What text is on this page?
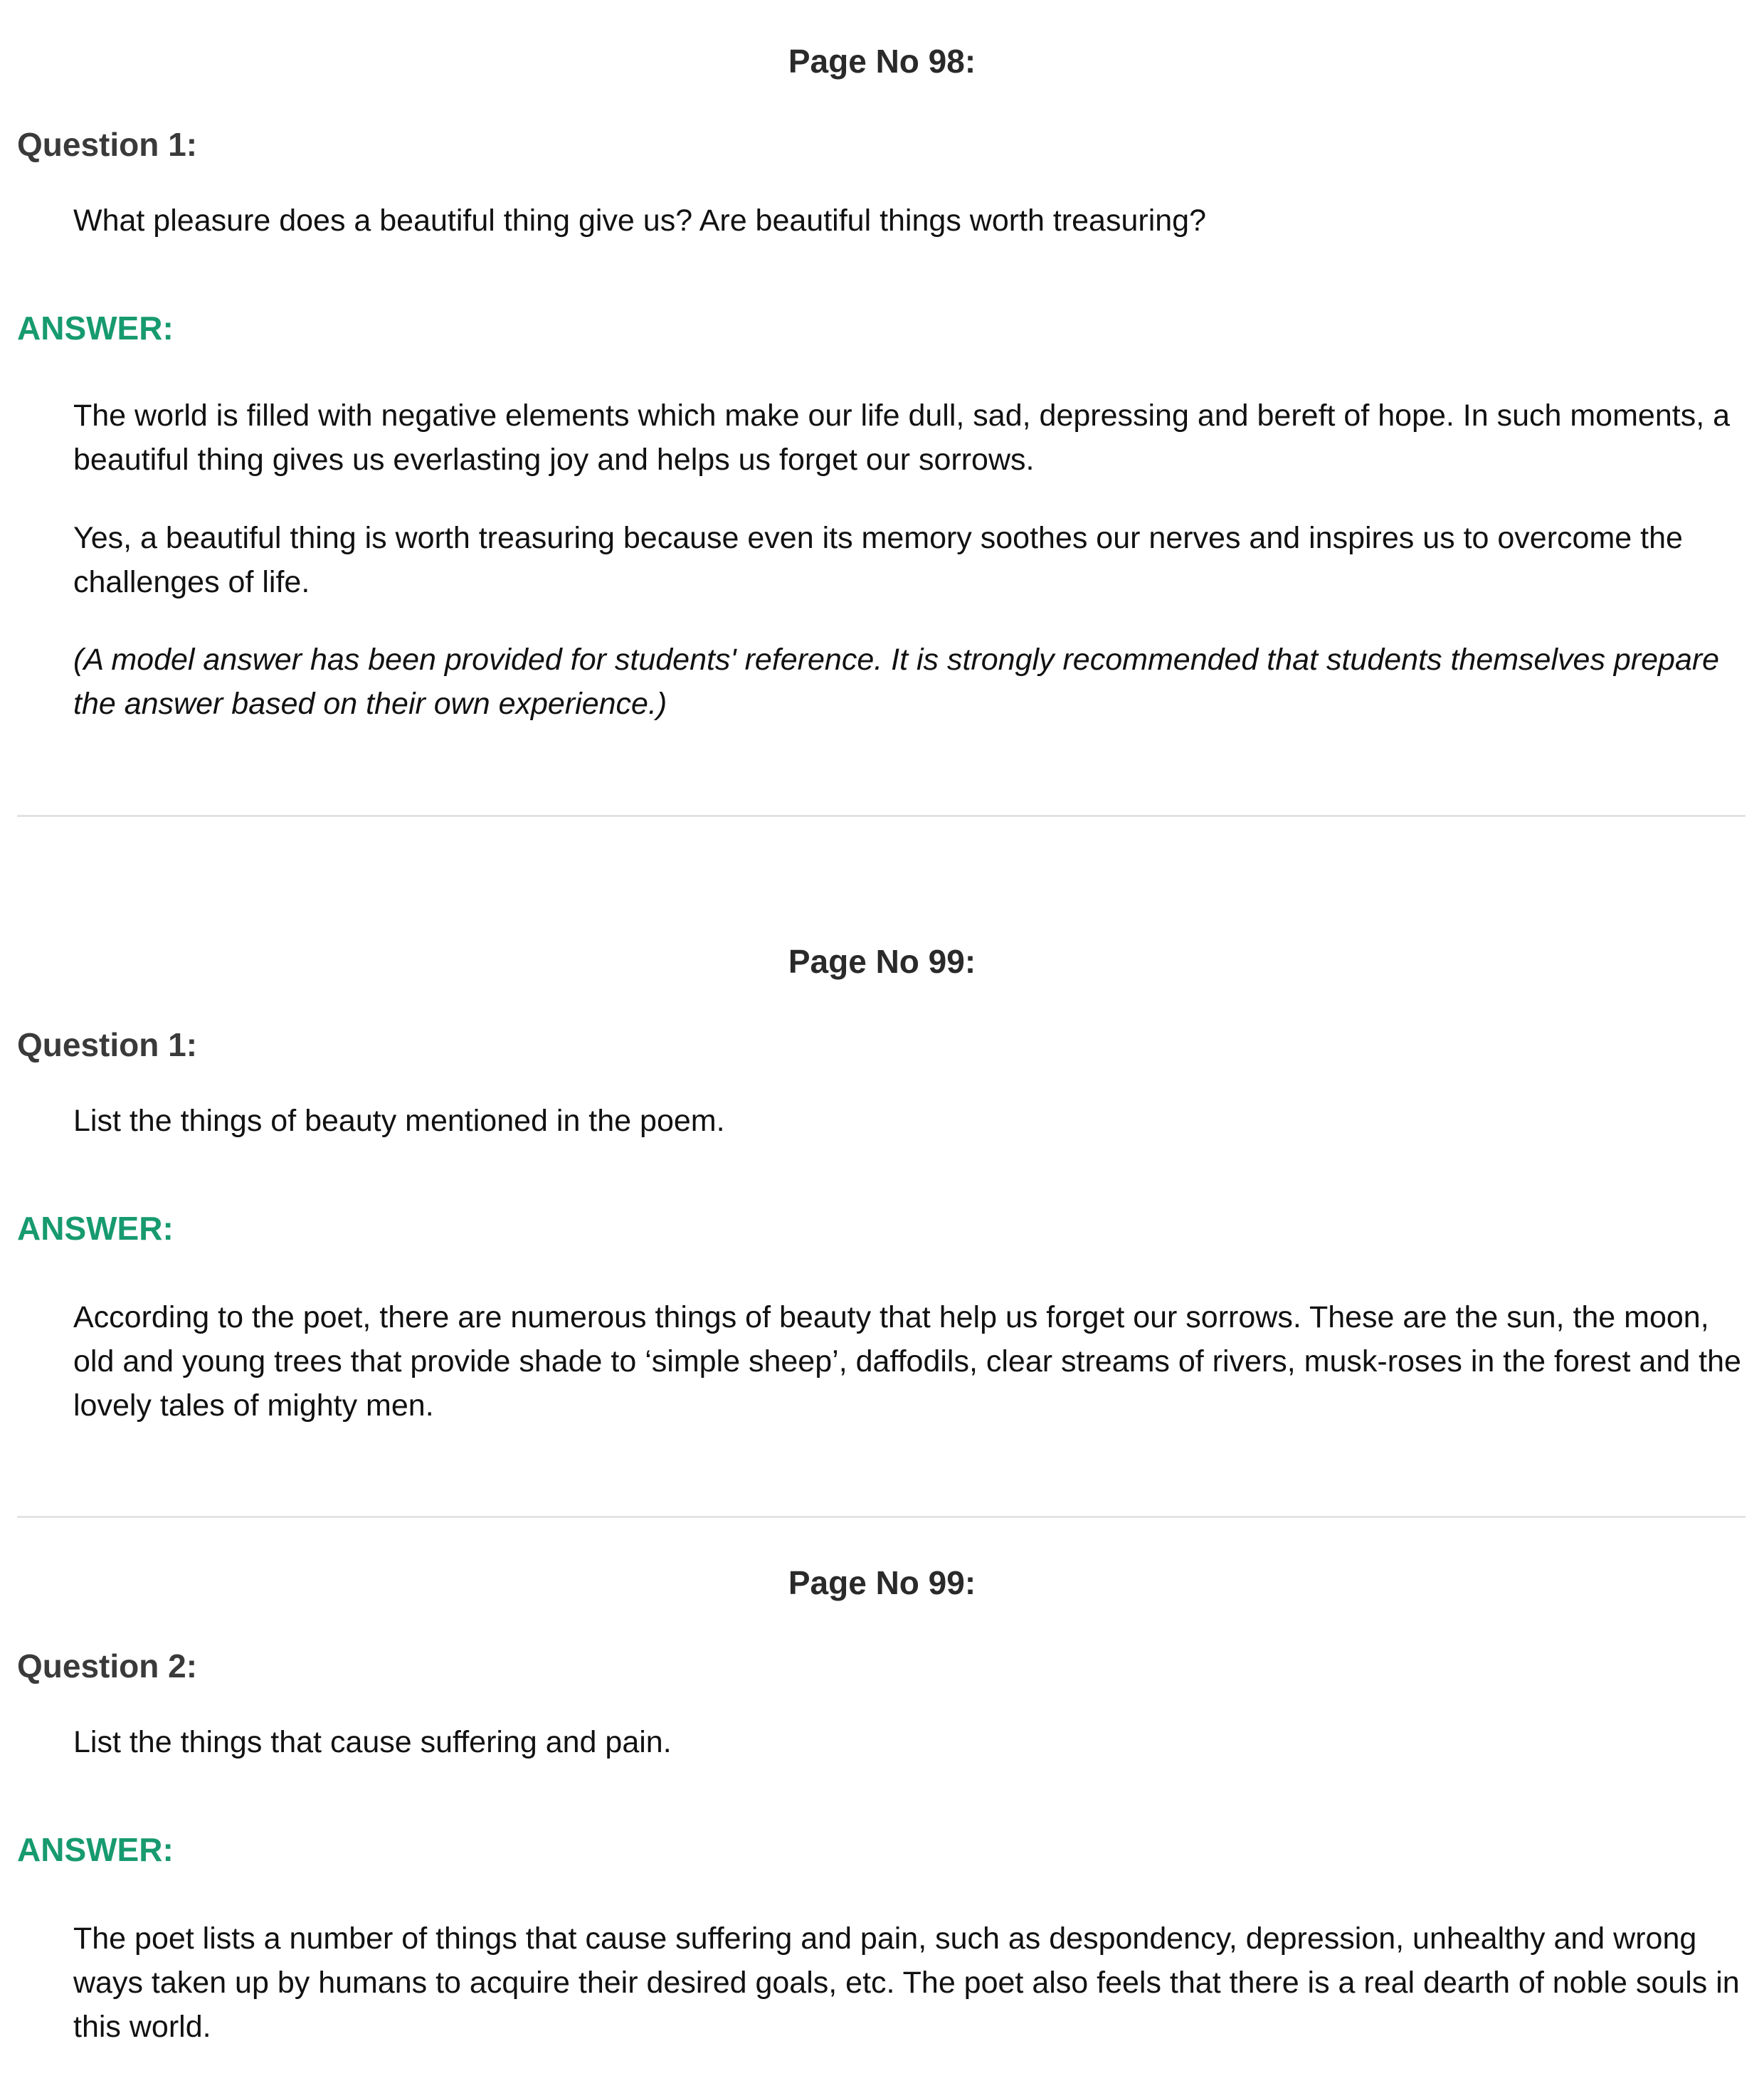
Page No 98:
Question 1:
What pleasure does a beautiful thing give us? Are beautiful things worth treasuring?
ANSWER:

The world is filled with negative elements which make our life dull, sad, depressing and bereft of hope. In such moments, a beautiful thing gives us everlasting joy and helps us forget our sorrows.

Yes, a beautiful thing is worth treasuring because even its memory soothes our nerves and inspires us to overcome the challenges of life.

(A model answer has been provided for students' reference. It is strongly recommended that students themselves prepare the answer based on their own experience.)

Page No 99:
Question 1:
List the things of beauty mentioned in the poem.
ANSWER:

According to the poet, there are numerous things of beauty that help us forget our sorrows. These are the sun, the moon, old and young trees that provide shade to ‘simple sheep’, daffodils, clear streams of rivers, musk-roses in the forest and the lovely tales of mighty men.

Page No 99:
Question 2:
List the things that cause suffering and pain.
ANSWER:

The poet lists a number of things that cause suffering and pain, such as despondency, depression, unhealthy and wrong ways taken up by humans to acquire their desired goals, etc. The poet also feels that there is a real dearth of noble souls in this world.
